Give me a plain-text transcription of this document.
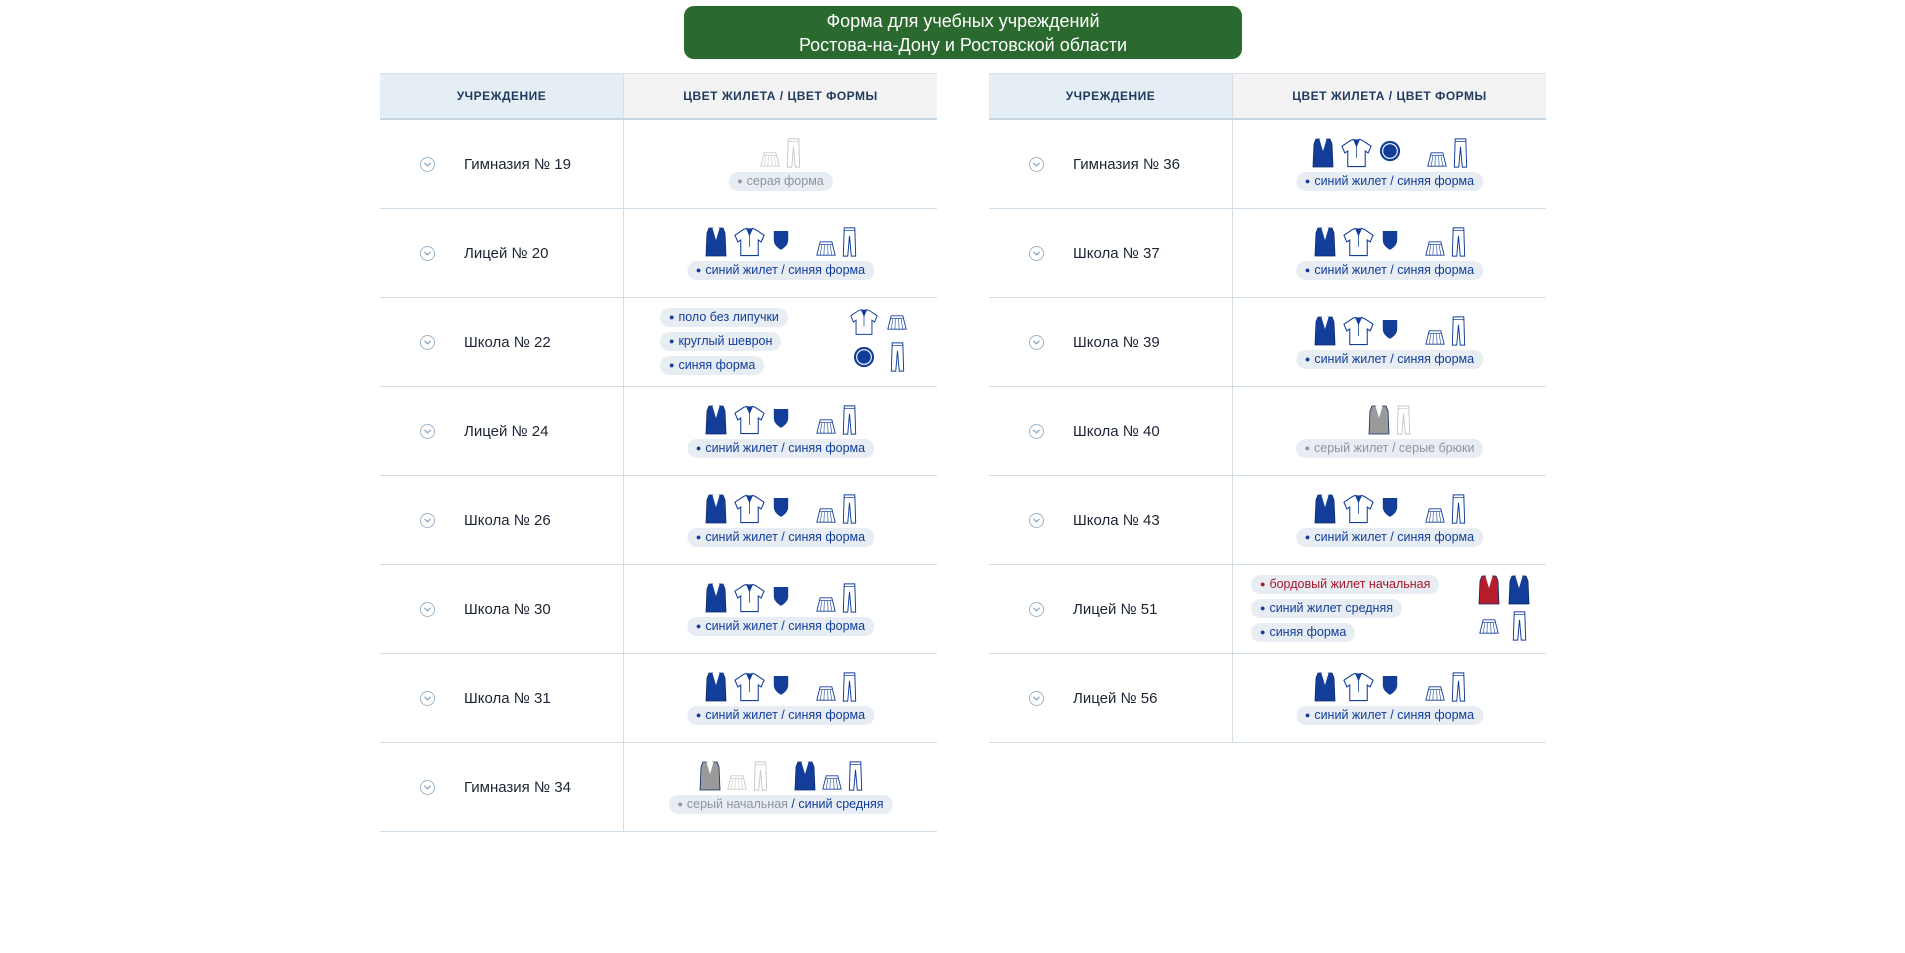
Форма для учебных учреждений
Ростова-на-Дону и Ростовской области
УЧРЕЖДЕНИЕ	ЦВЕТ ЖИЛЕТА / ЦВЕТ ФОРМЫ
Гимназия № 19
● серая форма
Лицей № 20
● синий жилет / синяя форма
Школа № 22
● поло без липучки
● круглый шеврон
● синяя форма
Лицей № 24
● синий жилет / синяя форма
Школа № 26
● синий жилет / синяя форма
Школа № 30
● синий жилет / синяя форма
Школа № 31
● синий жилет / синяя форма
Гимназия № 34
● серый начальная / синий средняя
УЧРЕЖДЕНИЕ	ЦВЕТ ЖИЛЕТА / ЦВЕТ ФОРМЫ
Гимназия № 36
● синий жилет / синяя форма
Школа № 37
● синий жилет / синяя форма
Школа № 39
● синий жилет / синяя форма
Школа № 40
● серый жилет / серые брюки
Школа № 43
● синий жилет / синяя форма
Лицей № 51
● бордовый жилет начальная
● синий жилет средняя
● синяя форма
Лицей № 56
● синий жилет / синяя форма
